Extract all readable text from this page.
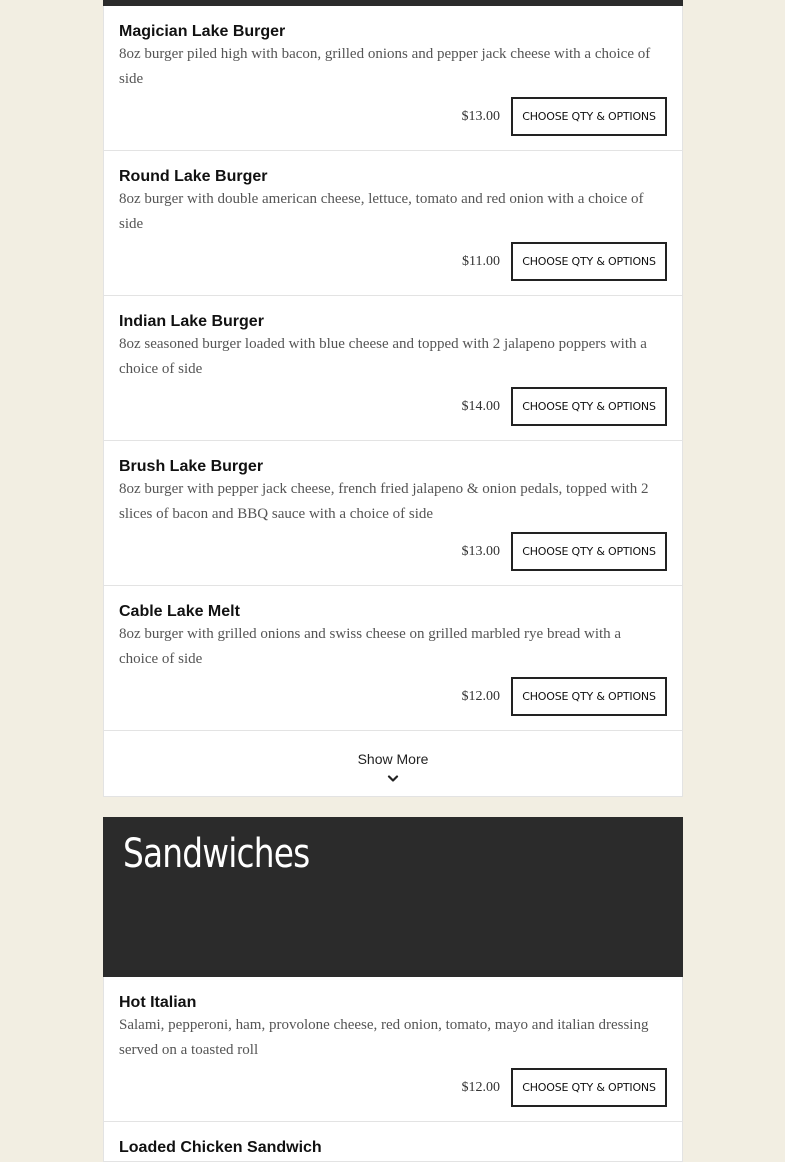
Magician Lake Burger
8oz burger piled high with bacon, grilled onions and pepper jack cheese with a choice of side
$13.00	CHOOSE QTY & OPTIONS
Round Lake Burger
8oz burger with double american cheese, lettuce, tomato and red onion with a choice of side
$11.00	CHOOSE QTY & OPTIONS
Indian Lake Burger
8oz seasoned burger loaded with blue cheese and topped with 2 jalapeno poppers with a choice of side
$14.00	CHOOSE QTY & OPTIONS
Brush Lake Burger
8oz burger with pepper jack cheese, french fried jalapeno & onion pedals, topped with 2 slices of bacon and BBQ sauce with a choice of side
$13.00	CHOOSE QTY & OPTIONS
Cable Lake Melt
8oz burger with grilled onions and swiss cheese on grilled marbled rye bread with a choice of side
$12.00	CHOOSE QTY & OPTIONS
Show More
Sandwiches
Hot Italian
Salami, pepperoni, ham, provolone cheese, red onion, tomato, mayo and italian dressing served on a toasted roll
$12.00	CHOOSE QTY & OPTIONS
Loaded Chicken Sandwich
